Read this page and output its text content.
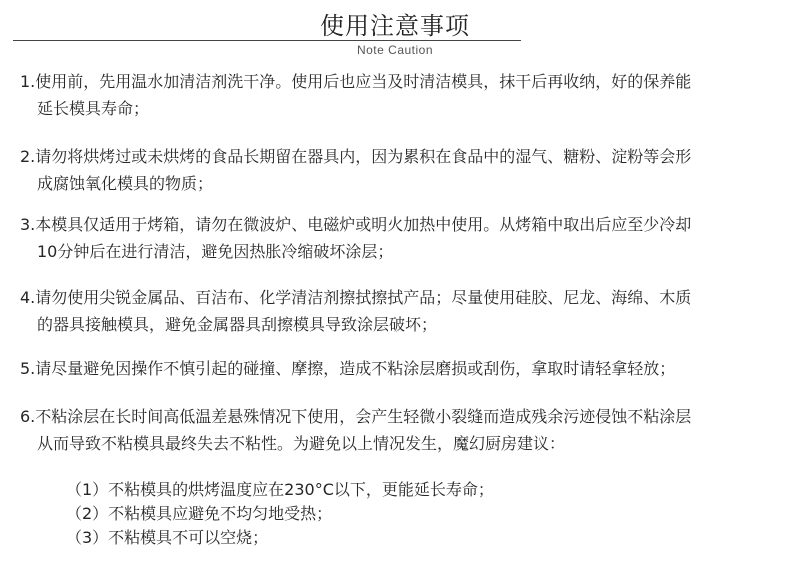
使用注意事项
Note Caution
1.使用前，先用温水加清洁剂洗干净。使用后也应当及时清洁模具，抹干后再收纳，好的保养能
延长模具寿命；
2.请勿将烘烤过或未烘烤的食品长期留在器具内，因为累积在食品中的湿气、糖粉、淀粉等会形
成腐蚀氧化模具的物质；
3.本模具仅适用于烤箱，请勿在微波炉、电磁炉或明火加热中使用。从烤箱中取出后应至少冷却
10分钟后在进行清洁，避免因热胀冷缩破坏涂层；
4.请勿使用尖锐金属品、百洁布、化学清洁剂擦拭擦拭产品；尽量使用硅胶、尼龙、海绵、木质
的器具接触模具，避免金属器具刮擦模具导致涂层破坏；
5.请尽量避免因操作不慎引起的碰撞、摩擦，造成不粘涂层磨损或刮伤，拿取时请轻拿轻放；
6.不粘涂层在长时间高低温差悬殊情况下使用，会产生轻微小裂缝而造成残余污迹侵蚀不粘涂层
从而导致不粘模具最终失去不粘性。为避免以上情况发生，魔幻厨房建议：
（1）不粘模具的烘烤温度应在230°C以下，更能延长寿命；
（2）不粘模具应避免不均匀地受热；
（3）不粘模具不可以空烧；
